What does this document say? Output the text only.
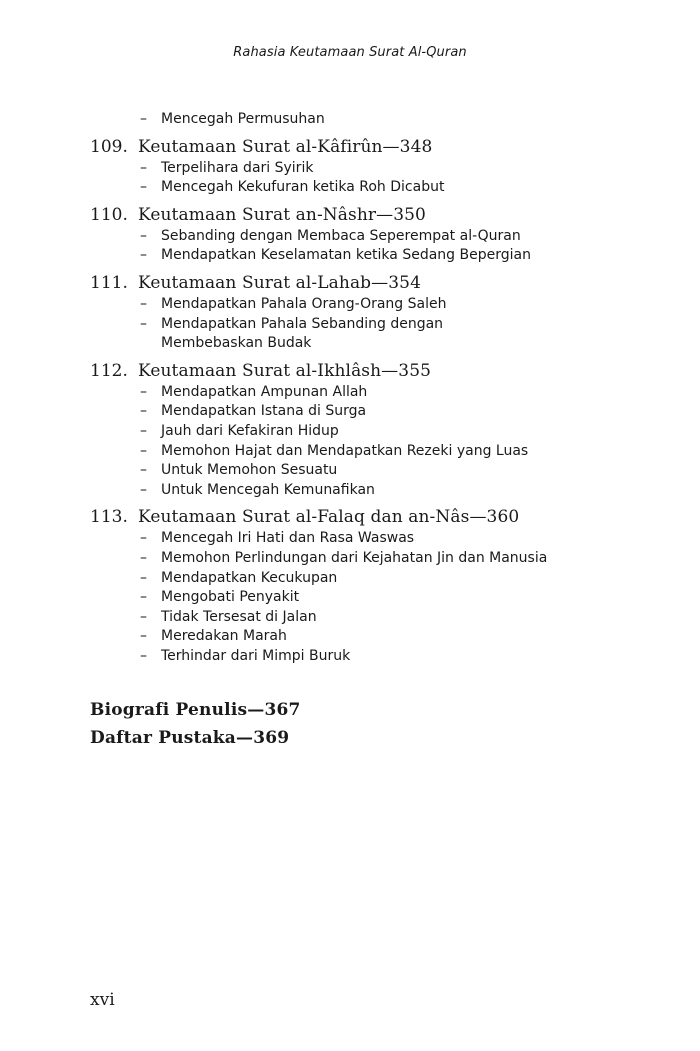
Rahasia Keutamaan Surat Al-Quran
– Mencegah Permusuhan
109. Keutamaan Surat al-Kâfirûn—348
– Terpelihara dari Syirik
– Mencegah Kekufuran ketika Roh Dicabut
110. Keutamaan Surat an-Nâshr—350
– Sebanding dengan Membaca Seperempat al-Quran
– Mendapatkan Keselamatan ketika Sedang Bepergian
111. Keutamaan Surat al-Lahab—354
– Mendapatkan Pahala Orang-Orang Saleh
– Mendapatkan Pahala Sebanding dengan
Membebaskan Budak
112. Keutamaan Surat al-Ikhlâsh—355
– Mendapatkan Ampunan Allah
– Mendapatkan Istana di Surga
– Jauh dari Kefakiran Hidup
– Memohon Hajat dan Mendapatkan Rezeki yang Luas
– Untuk Memohon Sesuatu
– Untuk Mencegah Kemunafikan
113. Keutamaan Surat al-Falaq dan an-Nâs—360
– Mencegah Iri Hati dan Rasa Waswas
– Memohon Perlindungan dari Kejahatan Jin dan Manusia
– Mendapatkan Kecukupan
– Mengobati Penyakit
– Tidak Tersesat di Jalan
– Meredakan Marah
– Terhindar dari Mimpi Buruk
Biografi Penulis—367
Daftar Pustaka—369
xvi
